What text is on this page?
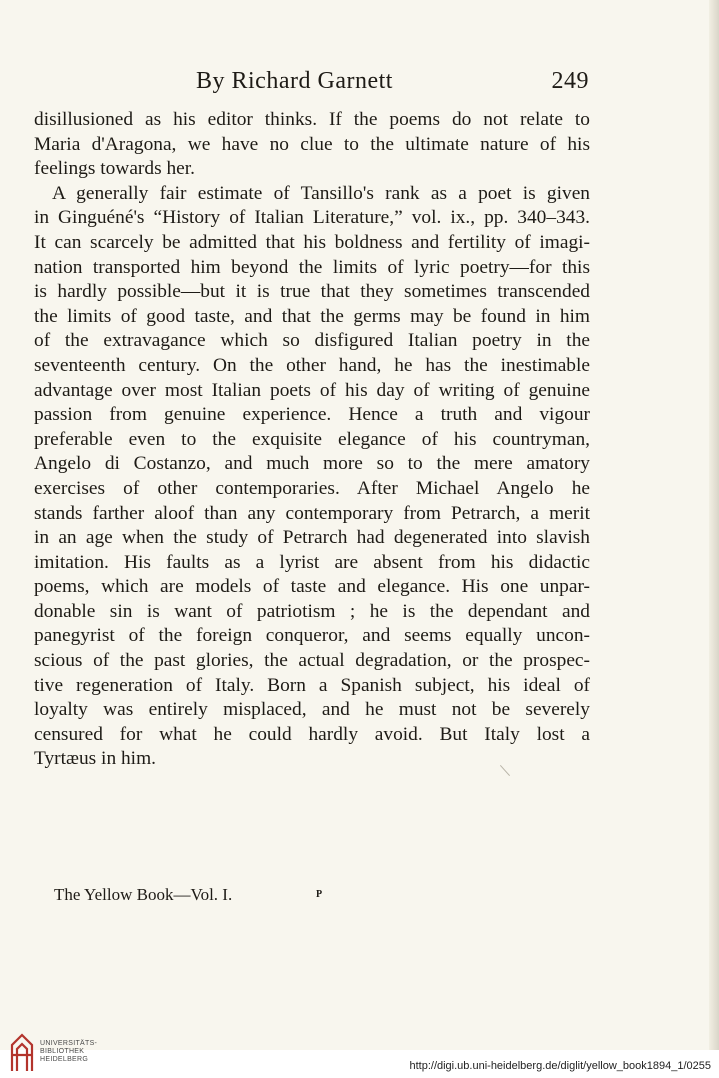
By Richard Garnett	249
disillusioned as his editor thinks. If the poems do not relate to
Maria d'Aragona, we have no clue to the ultimate nature of his
feelings towards her.
A generally fair estimate of Tansillo's rank as a poet is given
in Ginguéné's “History of Italian Literature,” vol. ix., pp. 340–343.
It can scarcely be admitted that his boldness and fertility of imagi-
nation transported him beyond the limits of lyric poetry—for this
is hardly possible—but it is true that they sometimes transcended
the limits of good taste, and that the germs may be found in him
of the extravagance which so disfigured Italian poetry in the
seventeenth century. On the other hand, he has the inestimable
advantage over most Italian poets of his day of writing of genuine
passion from genuine experience. Hence a truth and vigour
preferable even to the exquisite elegance of his countryman,
Angelo di Costanzo, and much more so to the mere amatory
exercises of other contemporaries. After Michael Angelo he
stands farther aloof than any contemporary from Petrarch, a merit
in an age when the study of Petrarch had degenerated into slavish
imitation. His faults as a lyrist are absent from his didactic
poems, which are models of taste and elegance. His one unpar-
donable sin is want of patriotism ; he is the dependant and
panegyrist of the foreign conqueror, and seems equally uncon-
scious of the past glories, the actual degradation, or the prospec-
tive regeneration of Italy. Born a Spanish subject, his ideal of
loyalty was entirely misplaced, and he must not be severely
censured for what he could hardly avoid. But Italy lost a
Tyrtæus in him.
The Yellow Book—Vol. I.	P
UNIVERSITÄTS-
BIBLIOTHEK
HEIDELBERG
http://digi.ub.uni-heidelberg.de/diglit/yellow_book1894_1/0255
